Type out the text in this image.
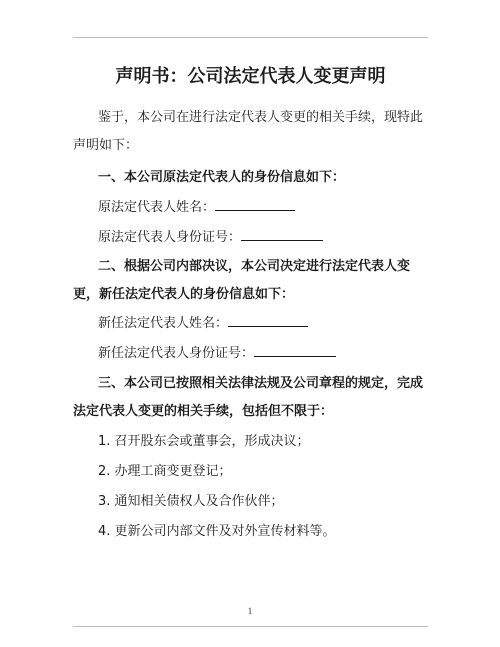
声明书：公司法定代表人变更声明

鉴于，本公司在进行法定代表人变更的相关手续，现特此声明如下：

一、本公司原法定代表人的身份信息如下：
原法定代表人姓名：
原法定代表人身份证号：

二、根据公司内部决议，本公司决定进行法定代表人变更，新任法定代表人的身份信息如下：

新任法定代表人姓名：
新任法定代表人身份证号：

三、本公司已按照相关法律法规及公司章程的规定，完成法定代表人变更的相关手续，包括但不限于：

1. 召开股东会或董事会，形成决议；
2. 办理工商变更登记；
3. 通知相关债权人及合作伙伴；
4. 更新公司内部文件及对外宣传材料等。
1
